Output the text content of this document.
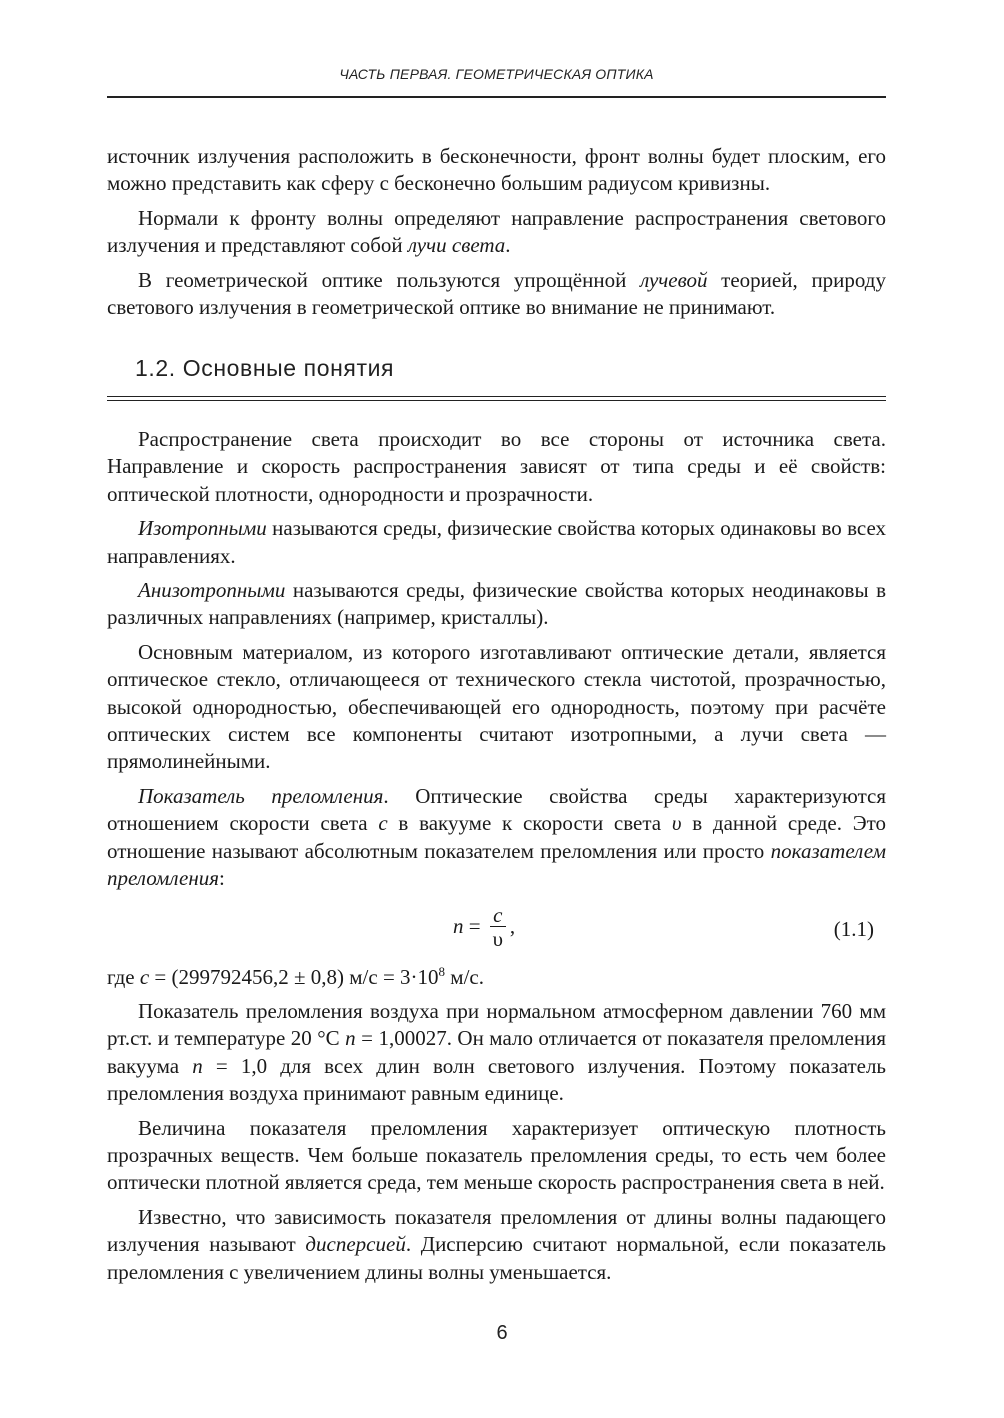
ЧАСТЬ ПЕРВАЯ. ГЕОМЕТРИЧЕСКАЯ ОПТИКА

источник излучения расположить в бесконечности, фронт волны будет плоским, его можно представить как сферу с бесконечно большим радиусом кривизны.

Нормали к фронту волны определяют направление распространения светового излучения и представляют собой лучи света.

В геометрической оптике пользуются упрощённой лучевой теорией, природу светового излучения в геометрической оптике во внимание не принимают.

1.2. Основные понятия

Распространение света происходит во все стороны от источника света. Направление и скорость распространения зависят от типа среды и её свойств: оптической плотности, однородности и прозрачности.

Изотропными называются среды, физические свойства которых одинаковы во всех направлениях.

Анизотропными называются среды, физические свойства которых неодинаковы в различных направлениях (например, кристаллы).

Основным материалом, из которого изготавливают оптические детали, является оптическое стекло, отличающееся от технического стекла чистотой, прозрачностью, высокой однородностью, обеспечивающей его однородность, поэтому при расчёте оптических систем все компоненты считают изотропными, а лучи света — прямолинейными.

Показатель преломления. Оптические свойства среды характеризуются отношением скорости света c в вакууме к скорости света υ в данной среде. Это отношение называют абсолютным показателем преломления или просто показателем преломления:

$n = \frac{c}{\upsilon}$ ,	(1.1)

где c = (299792456,2 ± 0,8) $м/с = 3\cdot 10^8$ м/с.

Показатель преломления воздуха при нормальном атмосферном давлении 760 мм рт.ст. и температуре 20 °C n = 1,00027. Он мало отличается от показателя преломления вакуума n = 1,0 для всех длин волн светового излучения. Поэтому показатель преломления воздуха принимают равным единице.

Величина показателя преломления характеризует оптическую плотность прозрачных веществ. Чем больше показатель преломления среды, то есть чем более оптически плотной является среда, тем меньше скорость распространения света в ней.

Известно, что зависимость показателя преломления от длины волны падающего излучения называют дисперсией. Дисперсию считают нормальной, если показатель преломления с увеличением длины волны уменьшается.

6
